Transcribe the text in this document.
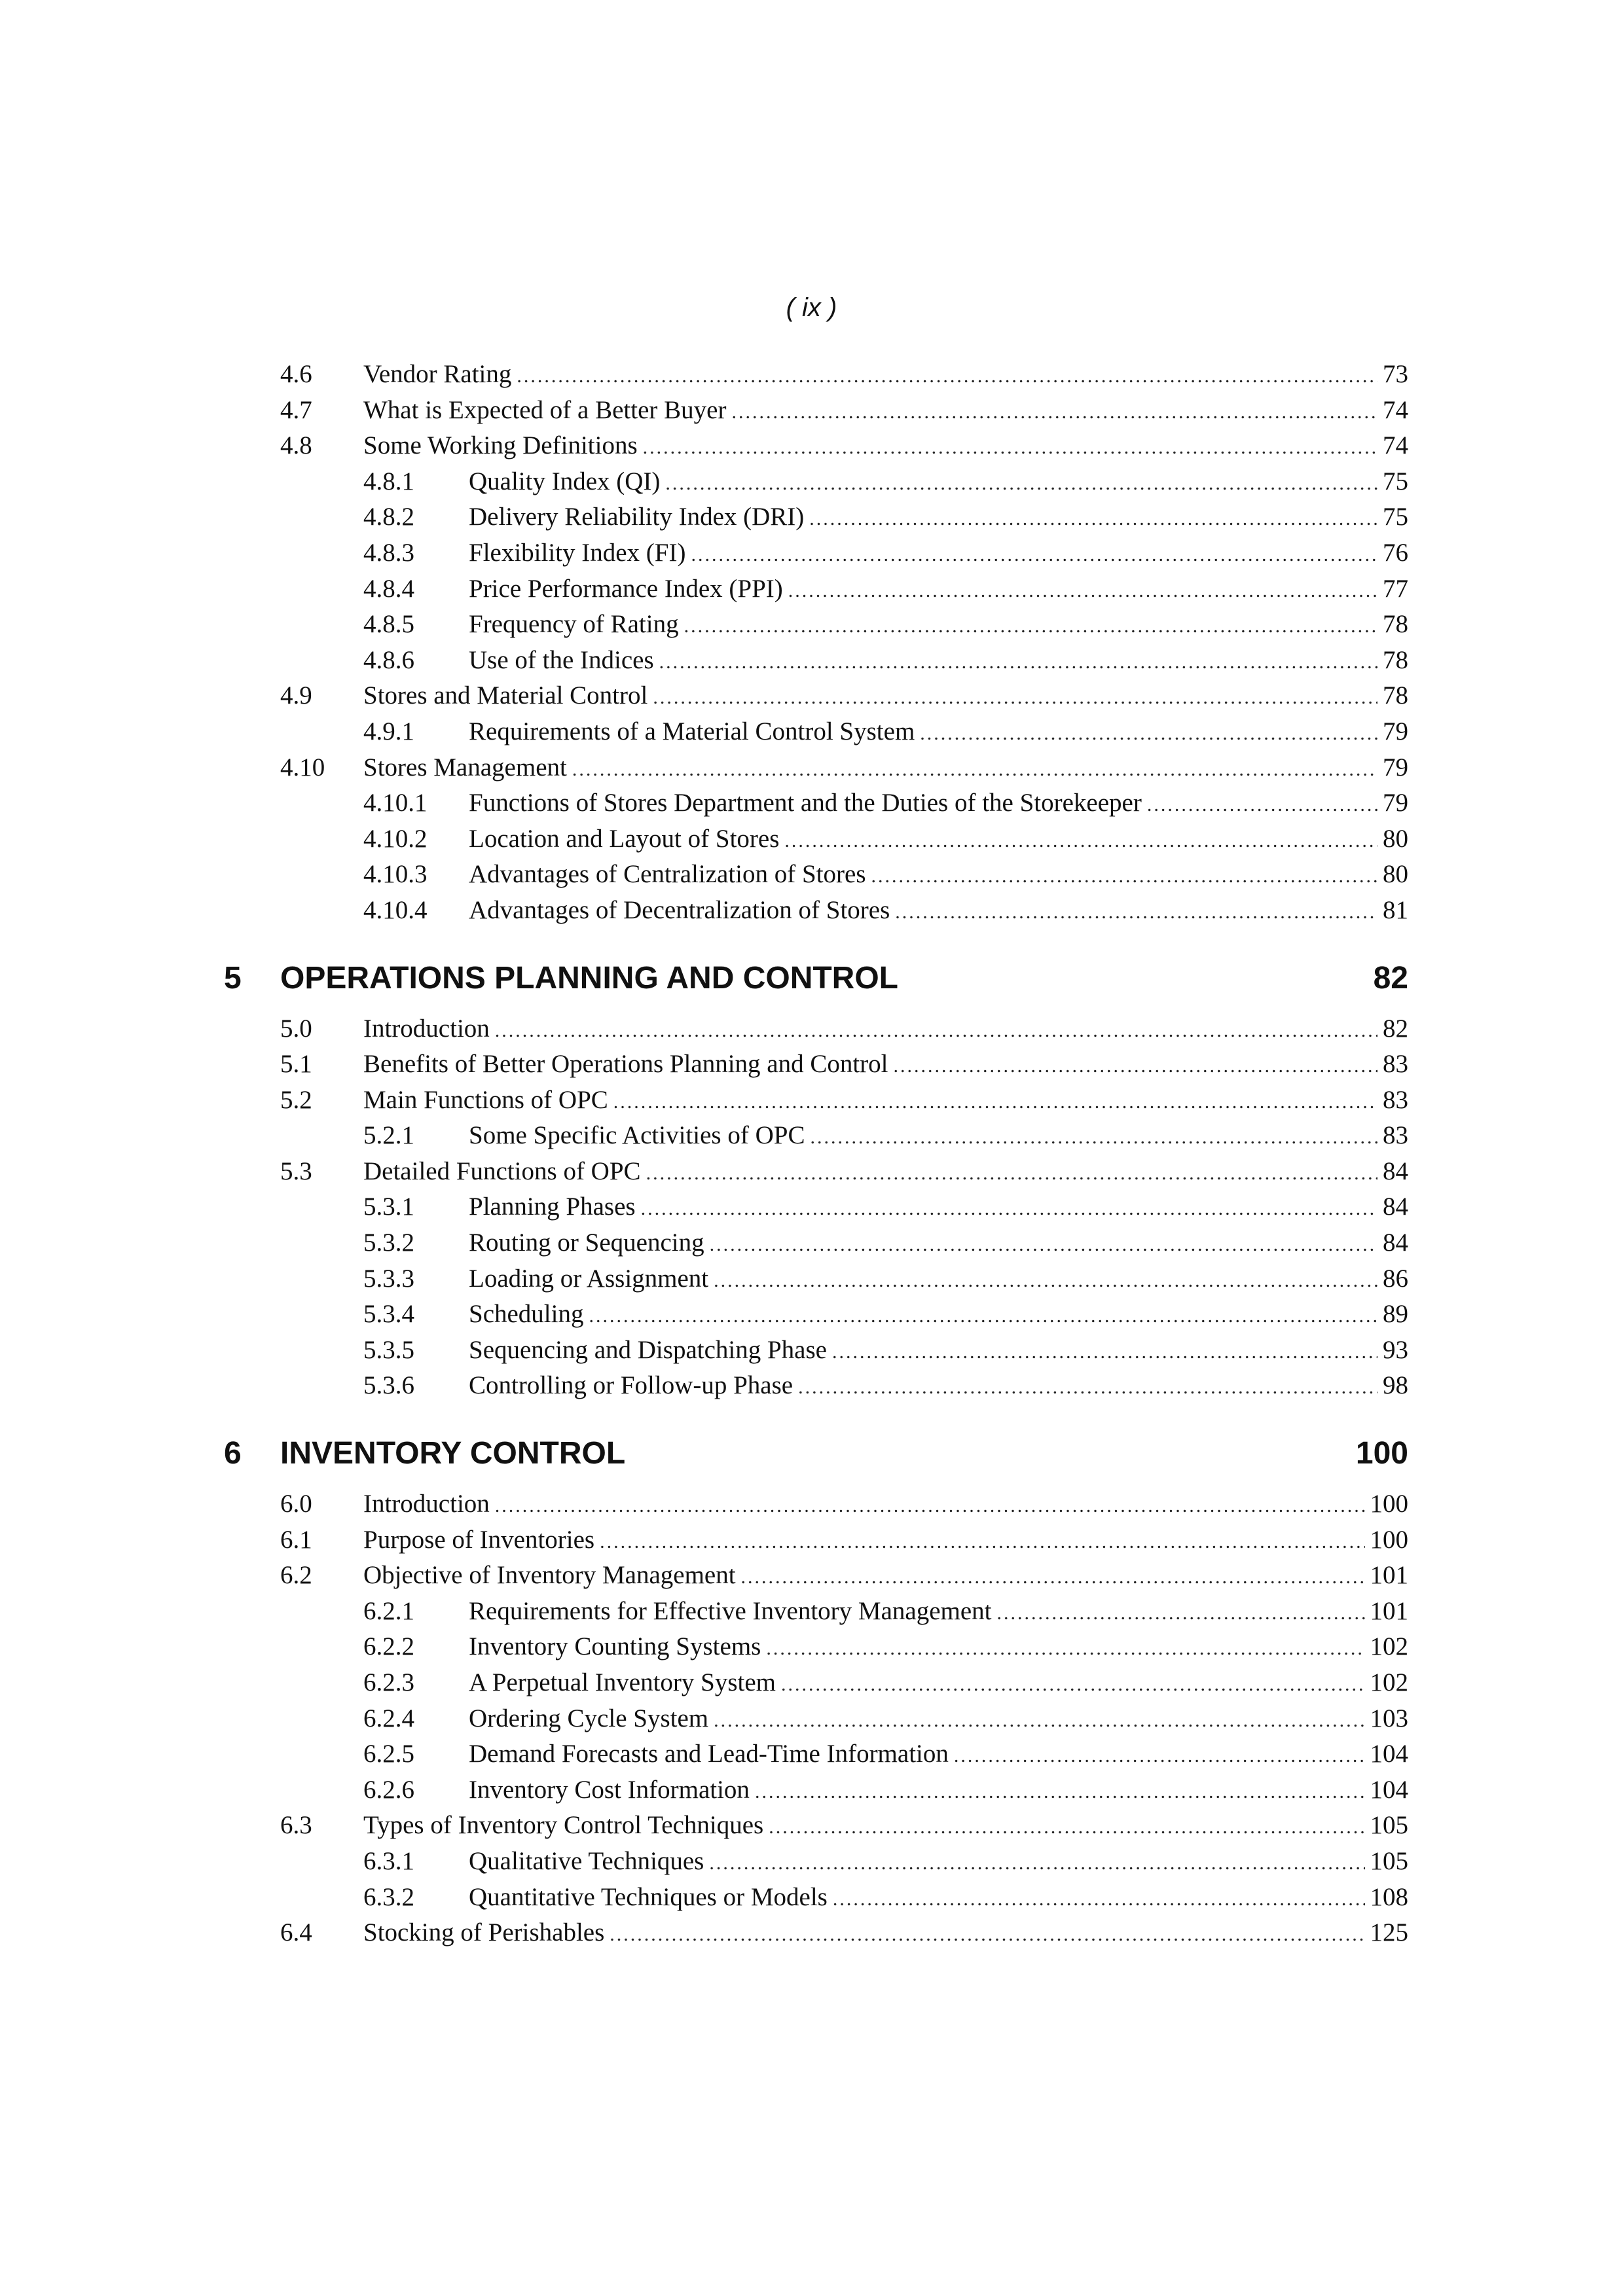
( ix )
4.6 Vendor Rating .....	73
4.7 What is Expected of a Better Buyer .....	74
4.8 Some Working Definitions .....	74
4.8.1 Quality Index (QI) .....	75
4.8.2 Delivery Reliability Index (DRI) .....	75
4.8.3 Flexibility Index (FI) .....	76
4.8.4 Price Performance Index (PPI) .....	77
4.8.5 Frequency of Rating .....	78
4.8.6 Use of the Indices .....	78
4.9 Stores and Material Control .....	78
4.9.1 Requirements of a Material Control System .....	79
4.10 Stores Management .....	79
4.10.1 Functions of Stores Department and the Duties of the Storekeeper .....	79
4.10.2 Location and Layout of Stores .....	80
4.10.3 Advantages of Centralization of Stores .....	80
4.10.4 Advantages of Decentralization of Stores .....	81
5 OPERATIONS PLANNING AND CONTROL	82
5.0 Introduction .....	82
5.1 Benefits of Better Operations Planning and Control .....	83
5.2 Main Functions of OPC .....	83
5.2.1 Some Specific Activities of OPC .....	83
5.3 Detailed Functions of OPC .....	84
5.3.1 Planning Phases .....	84
5.3.2 Routing or Sequencing .....	84
5.3.3 Loading or Assignment .....	86
5.3.4 Scheduling .....	89
5.3.5 Sequencing and Dispatching Phase .....	93
5.3.6 Controlling or Follow-up Phase .....	98
6 INVENTORY CONTROL	100
6.0 Introduction .....	100
6.1 Purpose of Inventories .....	100
6.2 Objective of Inventory Management .....	101
6.2.1 Requirements for Effective Inventory Management .....	101
6.2.2 Inventory Counting Systems .....	102
6.2.3 A Perpetual Inventory System .....	102
6.2.4 Ordering Cycle System .....	103
6.2.5 Demand Forecasts and Lead-Time Information .....	104
6.2.6 Inventory Cost Information .....	104
6.3 Types of Inventory Control Techniques .....	105
6.3.1 Qualitative Techniques .....	105
6.3.2 Quantitative Techniques or Models .....	108
6.4 Stocking of Perishables .....	125
